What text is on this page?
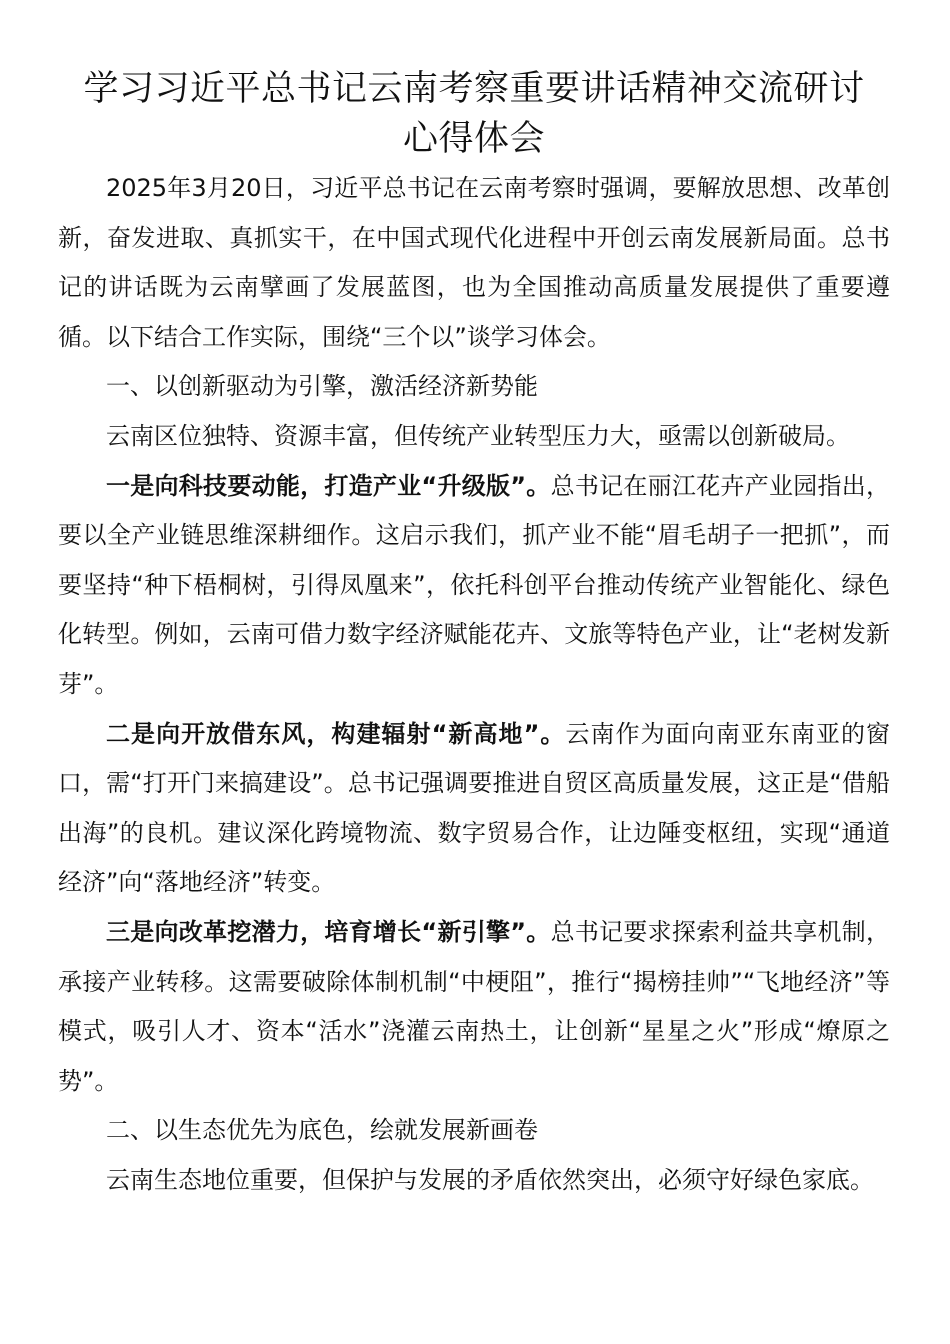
学习习近平总书记云南考察重要讲话精神交流研讨心得体会

2025年3月20日，习近平总书记在云南考察时强调，要解放思想、改革创新，奋发进取、真抓实干，在中国式现代化进程中开创云南发展新局面。总书记的讲话既为云南擘画了发展蓝图，也为全国推动高质量发展提供了重要遵循。以下结合工作实际，围绕“三个以”谈学习体会。

一、以创新驱动为引擎，激活经济新势能

云南区位独特、资源丰富，但传统产业转型压力大，亟需以创新破局。

一是向科技要动能，打造产业“升级版”。总书记在丽江花卉产业园指出，要以全产业链思维深耕细作。这启示我们，抓产业不能“眉毛胡子一把抓”，而要坚持“种下梧桐树，引得凤凰来”，依托科创平台推动传统产业智能化、绿色化转型。例如，云南可借力数字经济赋能花卉、文旅等特色产业，让“老树发新芽”。

二是向开放借东风，构建辐射“新高地”。云南作为面向南亚东南亚的窗口，需“打开门来搞建设”。总书记强调要推进自贸区高质量发展，这正是“借船出海”的良机。建议深化跨境物流、数字贸易合作，让边陲变枢纽，实现“通道经济”向“落地经济”转变。

三是向改革挖潜力，培育增长“新引擎”。总书记要求探索利益共享机制，承接产业转移。这需要破除体制机制“中梗阻”，推行“揭榜挂帅”“飞地经济”等模式，吸引人才、资本“活水”浇灌云南热土，让创新“星星之火”形成“燎原之势”。

二、以生态优先为底色，绘就发展新画卷

云南生态地位重要，但保护与发展的矛盾依然突出，必须守好绿色家底。
